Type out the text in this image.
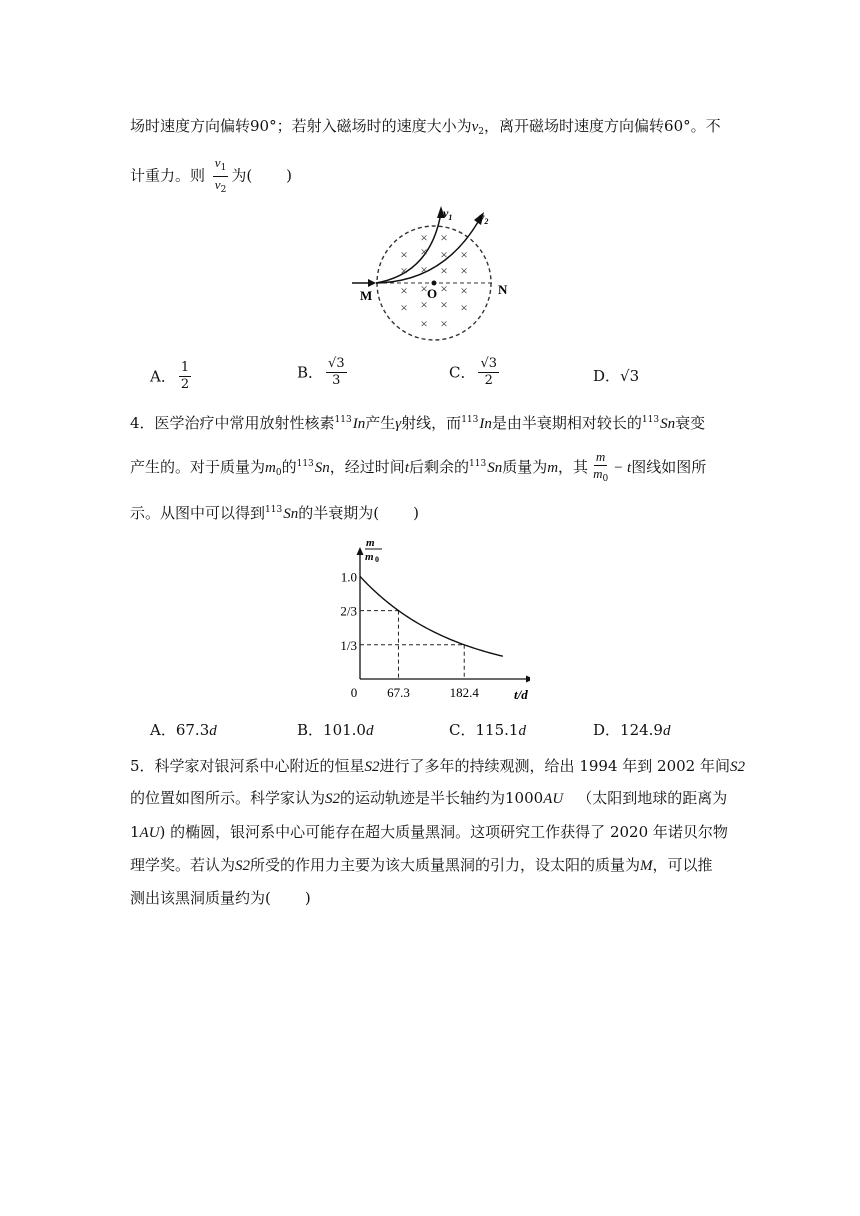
场时速度方向偏转90°；若射入磁场时的速度大小为$v_2$，离开磁场时速度方向偏转60°。不
计重力。则 $\frac{v_1}{v_2}$ 为( )
× ×
× × × ×
× × × ×
× × × ×
× × × ×
× ×
$v_1$ $v_2$
M	O	N
A． $\frac{1}{2}$	B． $\frac{√3}{3}$	C． $\frac{√3}{2}$	D．√3
4．医学治疗中常用放射性核素$^{113}$In产生γ射线，而$^{113}$In是由半衰期相对较长的$^{113}$Sn衰变
产生的。对于质量为$m_0$的$^{113}$Sn，经过时间t后剩余的$^{113}$Sn质量为m，其 $\frac{m}{m_0} - t$图线如图所
示。从图中可以得到$^{113}$Sn的半衰期为( )
1.0
2/3
1/3
67.3	182.4
0	t/d
m
m 0
A．67.3d	B．101.0d	C．115.1d	D．124.9d
5．科学家对银河系中心附近的恒星S2进行了多年的持续观测，给出 1994 年到 2002 年间S2
的位置如图所示。科学家认为S2的运动轨迹是半长轴约为1000AU （太阳到地球的距离为
1AU) 的椭圆，银河系中心可能存在超大质量黑洞。这项研究工作获得了 2020 年诺贝尔物
理学奖。若认为S2所受的作用力主要为该大质量黑洞的引力，设太阳的质量为M，可以推
测出该黑洞质量约为( )
